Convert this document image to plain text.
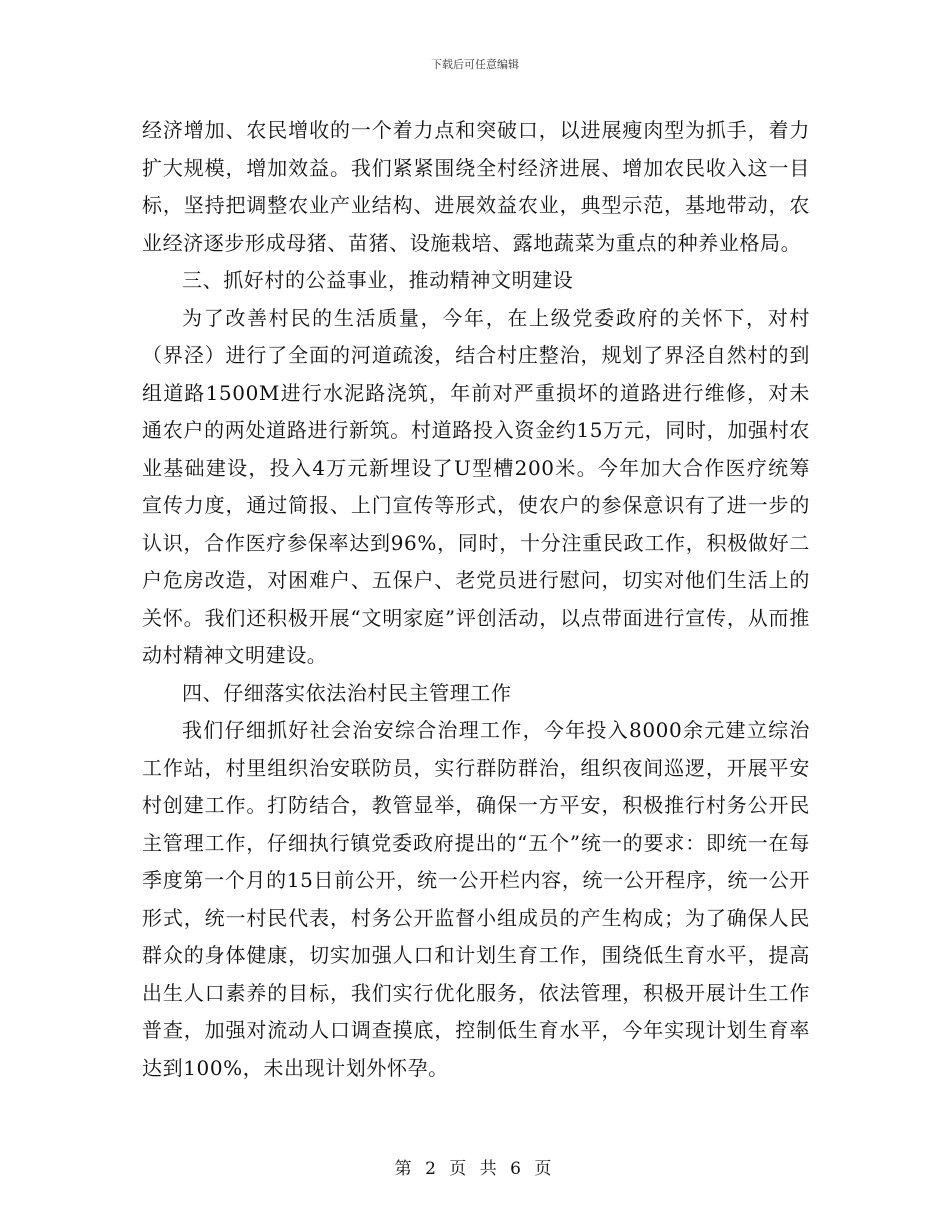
下载后可任意编辑

经济增加、农民增收的一个着力点和突破口，以进展瘦肉型为抓手，着力扩大规模，增加效益。我们紧紧围绕全村经济进展、增加农民收入这一目标，坚持把调整农业产业结构、进展效益农业，典型示范，基地带动，农业经济逐步形成母猪、苗猪、设施栽培、露地蔬菜为重点的种养业格局。

三、抓好村的公益事业，推动精神文明建设

为了改善村民的生活质量，今年，在上级党委政府的关怀下，对村（界泾）进行了全面的河道疏浚，结合村庄整治，规划了界泾自然村的到组道路1500M进行水泥路浇筑，年前对严重损坏的道路进行维修，对未通农户的两处道路进行新筑。村道路投入资金约15万元，同时，加强村农业基础建设，投入4万元新埋设了U型槽200米。今年加大合作医疗统筹宣传力度，通过简报、上门宣传等形式，使农户的参保意识有了进一步的认识，合作医疗参保率达到96%，同时，十分注重民政工作，积极做好二户危房改造，对困难户、五保户、老党员进行慰问，切实对他们生活上的关怀。我们还积极开展“文明家庭”评创活动，以点带面进行宣传，从而推动村精神文明建设。

四、仔细落实依法治村民主管理工作

我们仔细抓好社会治安综合治理工作，今年投入8000余元建立综治工作站，村里组织治安联防员，实行群防群治，组织夜间巡逻，开展平安村创建工作。打防结合，教管显举，确保一方平安，积极推行村务公开民主管理工作，仔细执行镇党委政府提出的“五个”统一的要求：即统一在每季度第一个月的15日前公开，统一公开栏内容，统一公开程序，统一公开形式，统一村民代表，村务公开监督小组成员的产生构成；为了确保人民群众的身体健康，切实加强人口和计划生育工作，围绕低生育水平，提高出生人口素养的目标，我们实行优化服务，依法管理，积极开展计生工作普查，加强对流动人口调查摸底，控制低生育水平，今年实现计划生育率达到100%，未出现计划外怀孕。

第 2 页 共 6 页
